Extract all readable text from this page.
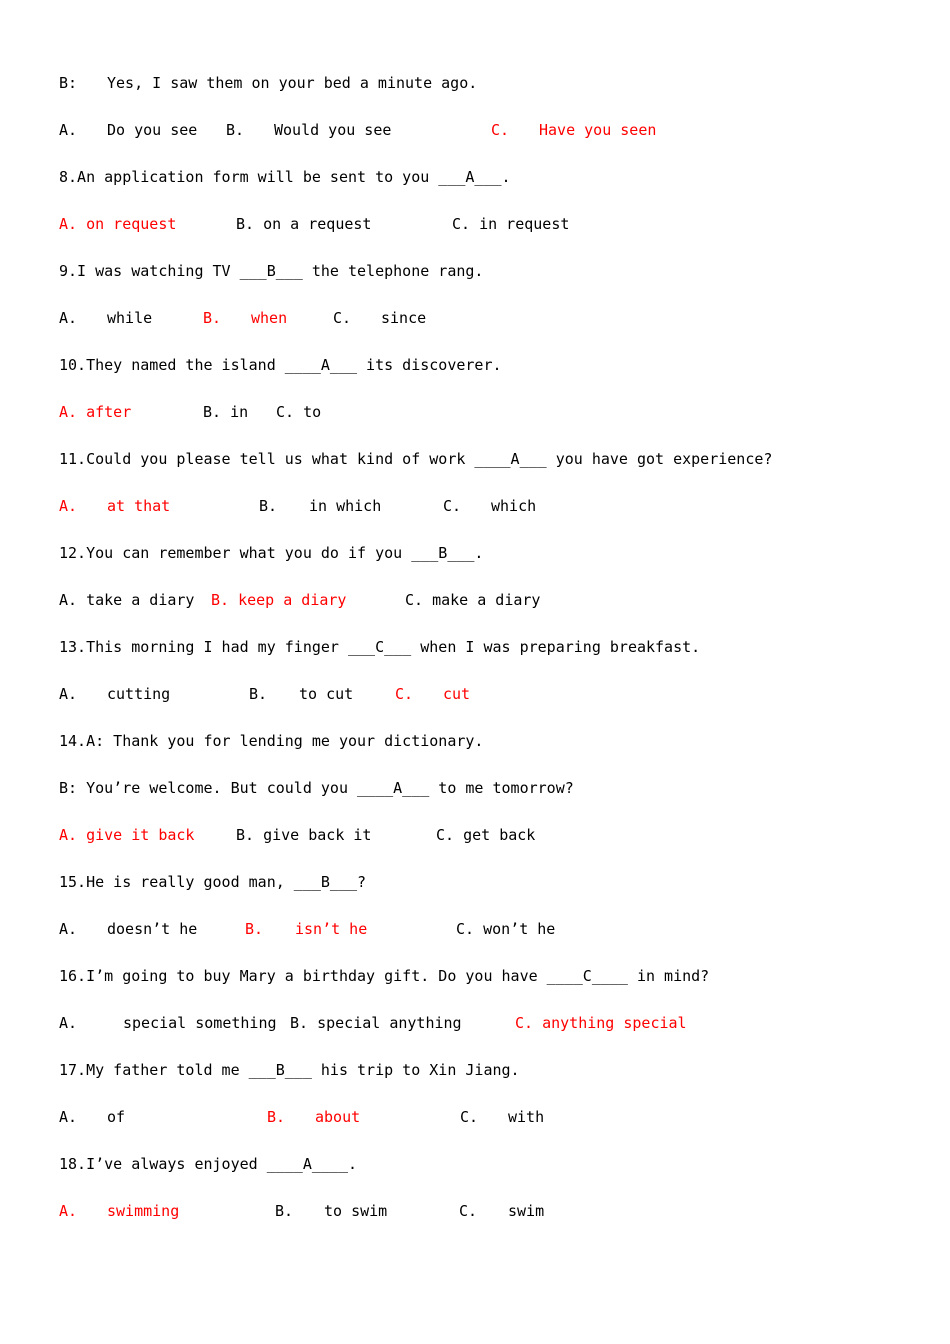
B: Yes, I saw them on your bed a minute ago.
A. Do you see B. Would you see	C. Have you seen
8.An application form will be sent to you ___A___.
A. on request	B. on a request	C. in request
9.I was watching TV ___B___ the telephone rang.
A. while	B. when	C. since
10.They named the island ____A___ its discoverer.
A. after	B. in C. to
11.Could you please tell us what kind of work ____A___ you have got experience?
A. at that	B. in which	C. which
12.You can remember what you do if you ___B___.
A. take a diary B. keep a diary	C. make a diary
13.This morning I had my finger ___C___ when I was preparing breakfast.
A. cutting	B. to cut	C. cut
14.A: Thank you for lending me your dictionary.
B: You’re welcome. But could you ____A___ to me tomorrow?
A. give it back	B. give back it	C. get back
15.He is really good man, ___B___?
A. doesn’t he	B. isn’t he	C. won’t he
16.I’m going to buy Mary a birthday gift. Do you have ____C____ in mind?
A.	special something B. special anything	C. anything special
17.My father told me ___B___ his trip to Xin Jiang.
A. of	B. about	C. with
18.I’ve always enjoyed ____A____.
A. swimming	B. to swim	C. swim
